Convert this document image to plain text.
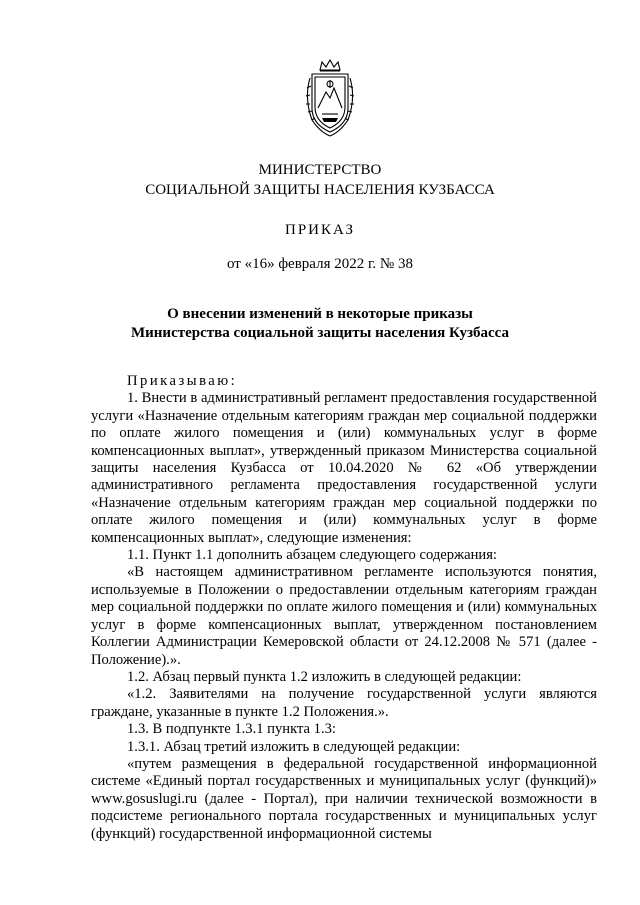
МИНИСТЕРСТВО
СОЦИАЛЬНОЙ ЗАЩИТЫ НАСЕЛЕНИЯ КУЗБАССА
ПРИКАЗ
от «16» февраля 2022 г. № 38
О внесении изменений в некоторые приказы
Министерства социальной защиты населения Кузбасса

Приказываю:

1. Внести в административный регламент предоставления государственной услуги «Назначение отдельным категориям граждан мер социальной поддержки по оплате жилого помещения и (или) коммунальных услуг в форме компенсационных выплат», утвержденный приказом Министерства социальной защиты населения Кузбасса от 10.04.2020 № 62 «Об утверждении административного регламента предоставления государственной услуги «Назначение отдельным категориям граждан мер социальной поддержки по оплате жилого помещения и (или) коммунальных услуг в форме компенсационных выплат», следующие изменения:

1.1. Пункт 1.1 дополнить абзацем следующего содержания:

«В настоящем административном регламенте используются понятия, используемые в Положении о предоставлении отдельным категориям граждан мер социальной поддержки по оплате жилого помещения и (или) коммунальных услуг в форме компенсационных выплат, утвержденном постановлением Коллегии Администрации Кемеровской области от 24.12.2008 № 571 (далее - Положение).».

1.2. Абзац первый пункта 1.2 изложить в следующей редакции:

«1.2. Заявителями на получение государственной услуги являются граждане, указанные в пункте 1.2 Положения.».

1.3. В подпункте 1.3.1 пункта 1.3:

1.3.1. Абзац третий изложить в следующей редакции:

«путем размещения в федеральной государственной информационной системе «Единый портал государственных и муниципальных услуг (функций)» www.gosuslugi.ru (далее - Портал), при наличии технической возможности в подсистеме регионального портала государственных и муниципальных услуг (функций) государственной информационной системы
